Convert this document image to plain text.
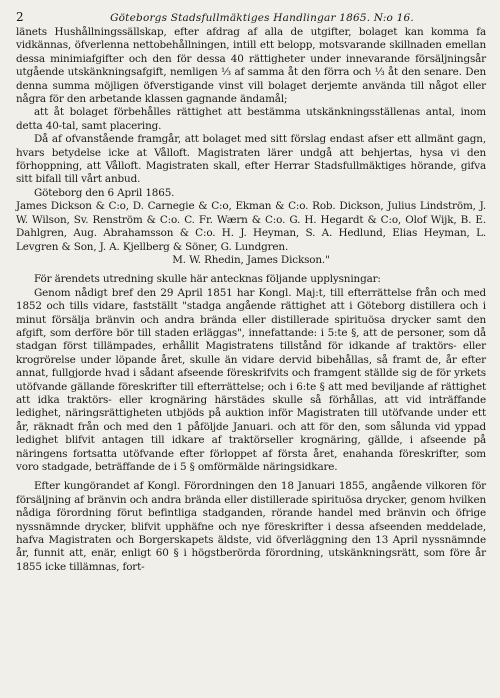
2	Göteborgs Stadsfullmäktiges Handlingar 1865. N:o 16.

länets Hushållningssällskap, efter afdrag af alla de utgifter, bolaget kan komma fa vidkännas, öfverlenna nettobehållningen, intill ett belopp, motsvarande skillnaden emellan dessa minimiafgifter och den för dessa 40 rättigheter under innevarande försäljningsår utgående utskänkningsafgift, nemligen ⅓ af samma åt den förra och ⅓ åt den senare. Den denna summa möjligen öfverstigande vinst vill bolaget derjemte använda till något eller några för den arbetande klassen gagnande ändamål;

att åt bolaget förbehålles rättighet att bestämma utskänkningsställenas antal, inom detta 40-tal, samt placering.

Då af ofvanstående framgår, att bolaget med sitt förslag endast afser ett allmänt gagn, hvars betydelse icke at Vålloft. Magistraten lärer undgå att behjertas, hysa vi den förhoppning, att Vålloft. Magistraten skall, efter Herrar Stadsfullmäktiges hörande, gifva sitt bifall till vårt anbud.

Göteborg den 6 April 1865.

James Dickson & C:o, D. Carnegie & C:o, Ekman & C:o. Rob. Dickson, Julius Lindström, J. W. Wilson, Sv. Renström & C:o. C. Fr. Wærn & C:o. G. H. Hegardt & C:o, Olof Wijk, B. E. Dahlgren, Aug. Abrahamsson & C:o. H. J. Heyman, S. A. Hedlund, Elias Heyman, L. Levgren & Son, J. A. Kjellberg & Söner, G. Lundgren.

M. W. Rhedin, James Dickson."

För ärendets utredning skulle här antecknas följande upplysningar:

Genom nådigt bref den 29 April 1851 har Kongl. Maj:t, till efterrättelse från och med 1852 och tills vidare, fastställt "stadga angående rättighet att i Göteborg distillera och i minut försälja bränvin och andra brända eller distillerade spirituösa drycker samt den afgift, som derföre bör till staden erläggas", innefattande: i 5:te §, att de personer, som då stadgan först tillämpades, erhållit Magistratens tillstånd för idkande af traktörs- eller krogrörelse under löpande året, skulle än vidare dervid bibehållas, så framt de, år efter annat, fullgjorde hvad i sådant afseende föreskrifvits och framgent ställde sig de för yrkets utöfvande gällande föreskrifter till efterrättelse; och i 6:te § att med beviljande af rättighet att idka traktörs- eller krognäring härstädes skulle så förhållas, att vid inträffande ledighet, näringsrättigheten utbjöds på auktion inför Magistraten till utöfvande under ett år, räknadt från och med den 1 påföljde Januari. och att för den, som sålunda vid yppad ledighet blifvit antagen till idkare af traktörseller krognäring, gällde, i afseende på näringens fortsatta utöfvande efter förloppet af första året, enahanda föreskrifter, som voro stadgade, beträffande de i 5 § omförmälde näringsidkare.

Efter kungörandet af Kongl. Förordningen den 18 Januari 1855, angående vilkoren för försäljning af bränvin och andra brända eller distillerade spirituösa drycker, genom hvilken nådiga förordning förut befintliga stadganden, rörande handel med bränvin och öfrige nyssnämnde drycker, blifvit upphäfne och nye föreskrifter i dessa afseenden meddelade, hafva Magistraten och Borgerskapets äldste, vid öfverläggning den 13 April nyssnämnde år, funnit att, enär, enligt 60 § i högstberörda förordning, utskänkningsrätt, som före år 1855 icke tillämnas, fort-
